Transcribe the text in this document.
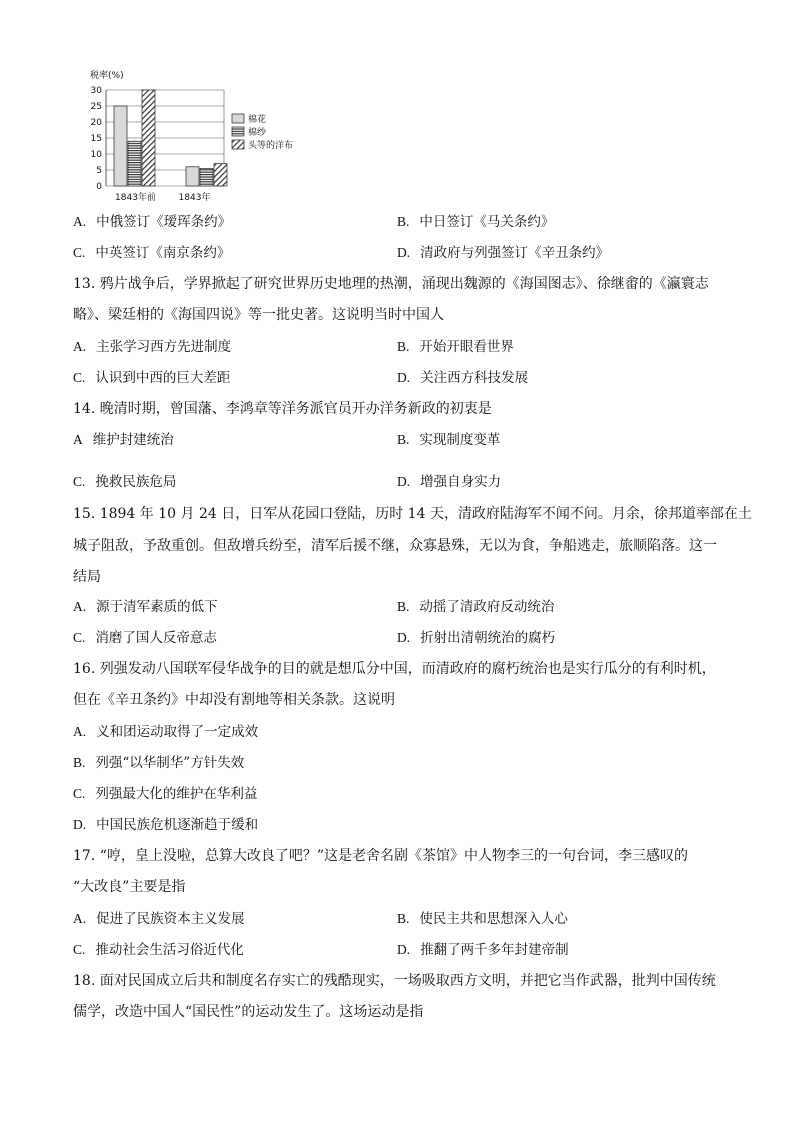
税率(%)
0
5
10
15
20
25
30
1843年前	1843年
棉花
棉纱
头等的洋布
A. 中俄签订《瑷珲条约》	B. 中日签订《马关条约》
C. 中英签订《南京条约》	D. 清政府与列强签订《辛丑条约》
13. 鸦片战争后，学界掀起了研究世界历史地理的热潮，涌现出魏源的《海国图志》、徐继畬的《瀛寰志
略》、梁廷枏的《海国四说》等一批史著。这说明当时中国人
A. 主张学习西方先进制度	B. 开始开眼看世界
C. 认识到中西的巨大差距	D. 关注西方科技发展
14. 晚清时期，曾国藩、李鸿章等洋务派官员开办洋务新政的初衷是
A 维护封建统治	B. 实现制度变革
C. 挽救民族危局	D. 增强自身实力
15. 1894 年 10 月 24 日，日军从花园口登陆，历时 14 天，清政府陆海军不闻不问。月余，徐邦道率部在土
城子阻敌，予敌重创。但敌增兵纷至，清军后援不继，众寡悬殊，无以为食，争船逃走，旅顺陷落。这一
结局
A. 源于清军素质的低下	B. 动摇了清政府反动统治
C. 消磨了国人反帝意志	D. 折射出清朝统治的腐朽
16. 列强发动八国联军侵华战争的目的就是想瓜分中国，而清政府的腐朽统治也是实行瓜分的有利时机，
但在《辛丑条约》中却没有割地等相关条款。这说明
A. 义和团运动取得了一定成效
B. 列强“以华制华”方针失效
C. 列强最大化的维护在华利益
D. 中国民族危机逐渐趋于缓和
17. “哼，皇上没啦，总算大改良了吧？”这是老舍名剧《茶馆》中人物李三的一句台词，李三感叹的
“大改良”主要是指
A. 促进了民族资本主义发展	B. 使民主共和思想深入人心
C. 推动社会生活习俗近代化	D. 推翻了两千多年封建帝制
18. 面对民国成立后共和制度名存实亡的残酷现实，一场吸取西方文明，并把它当作武器，批判中国传统
儒学，改造中国人“国民性”的运动发生了。这场运动是指
